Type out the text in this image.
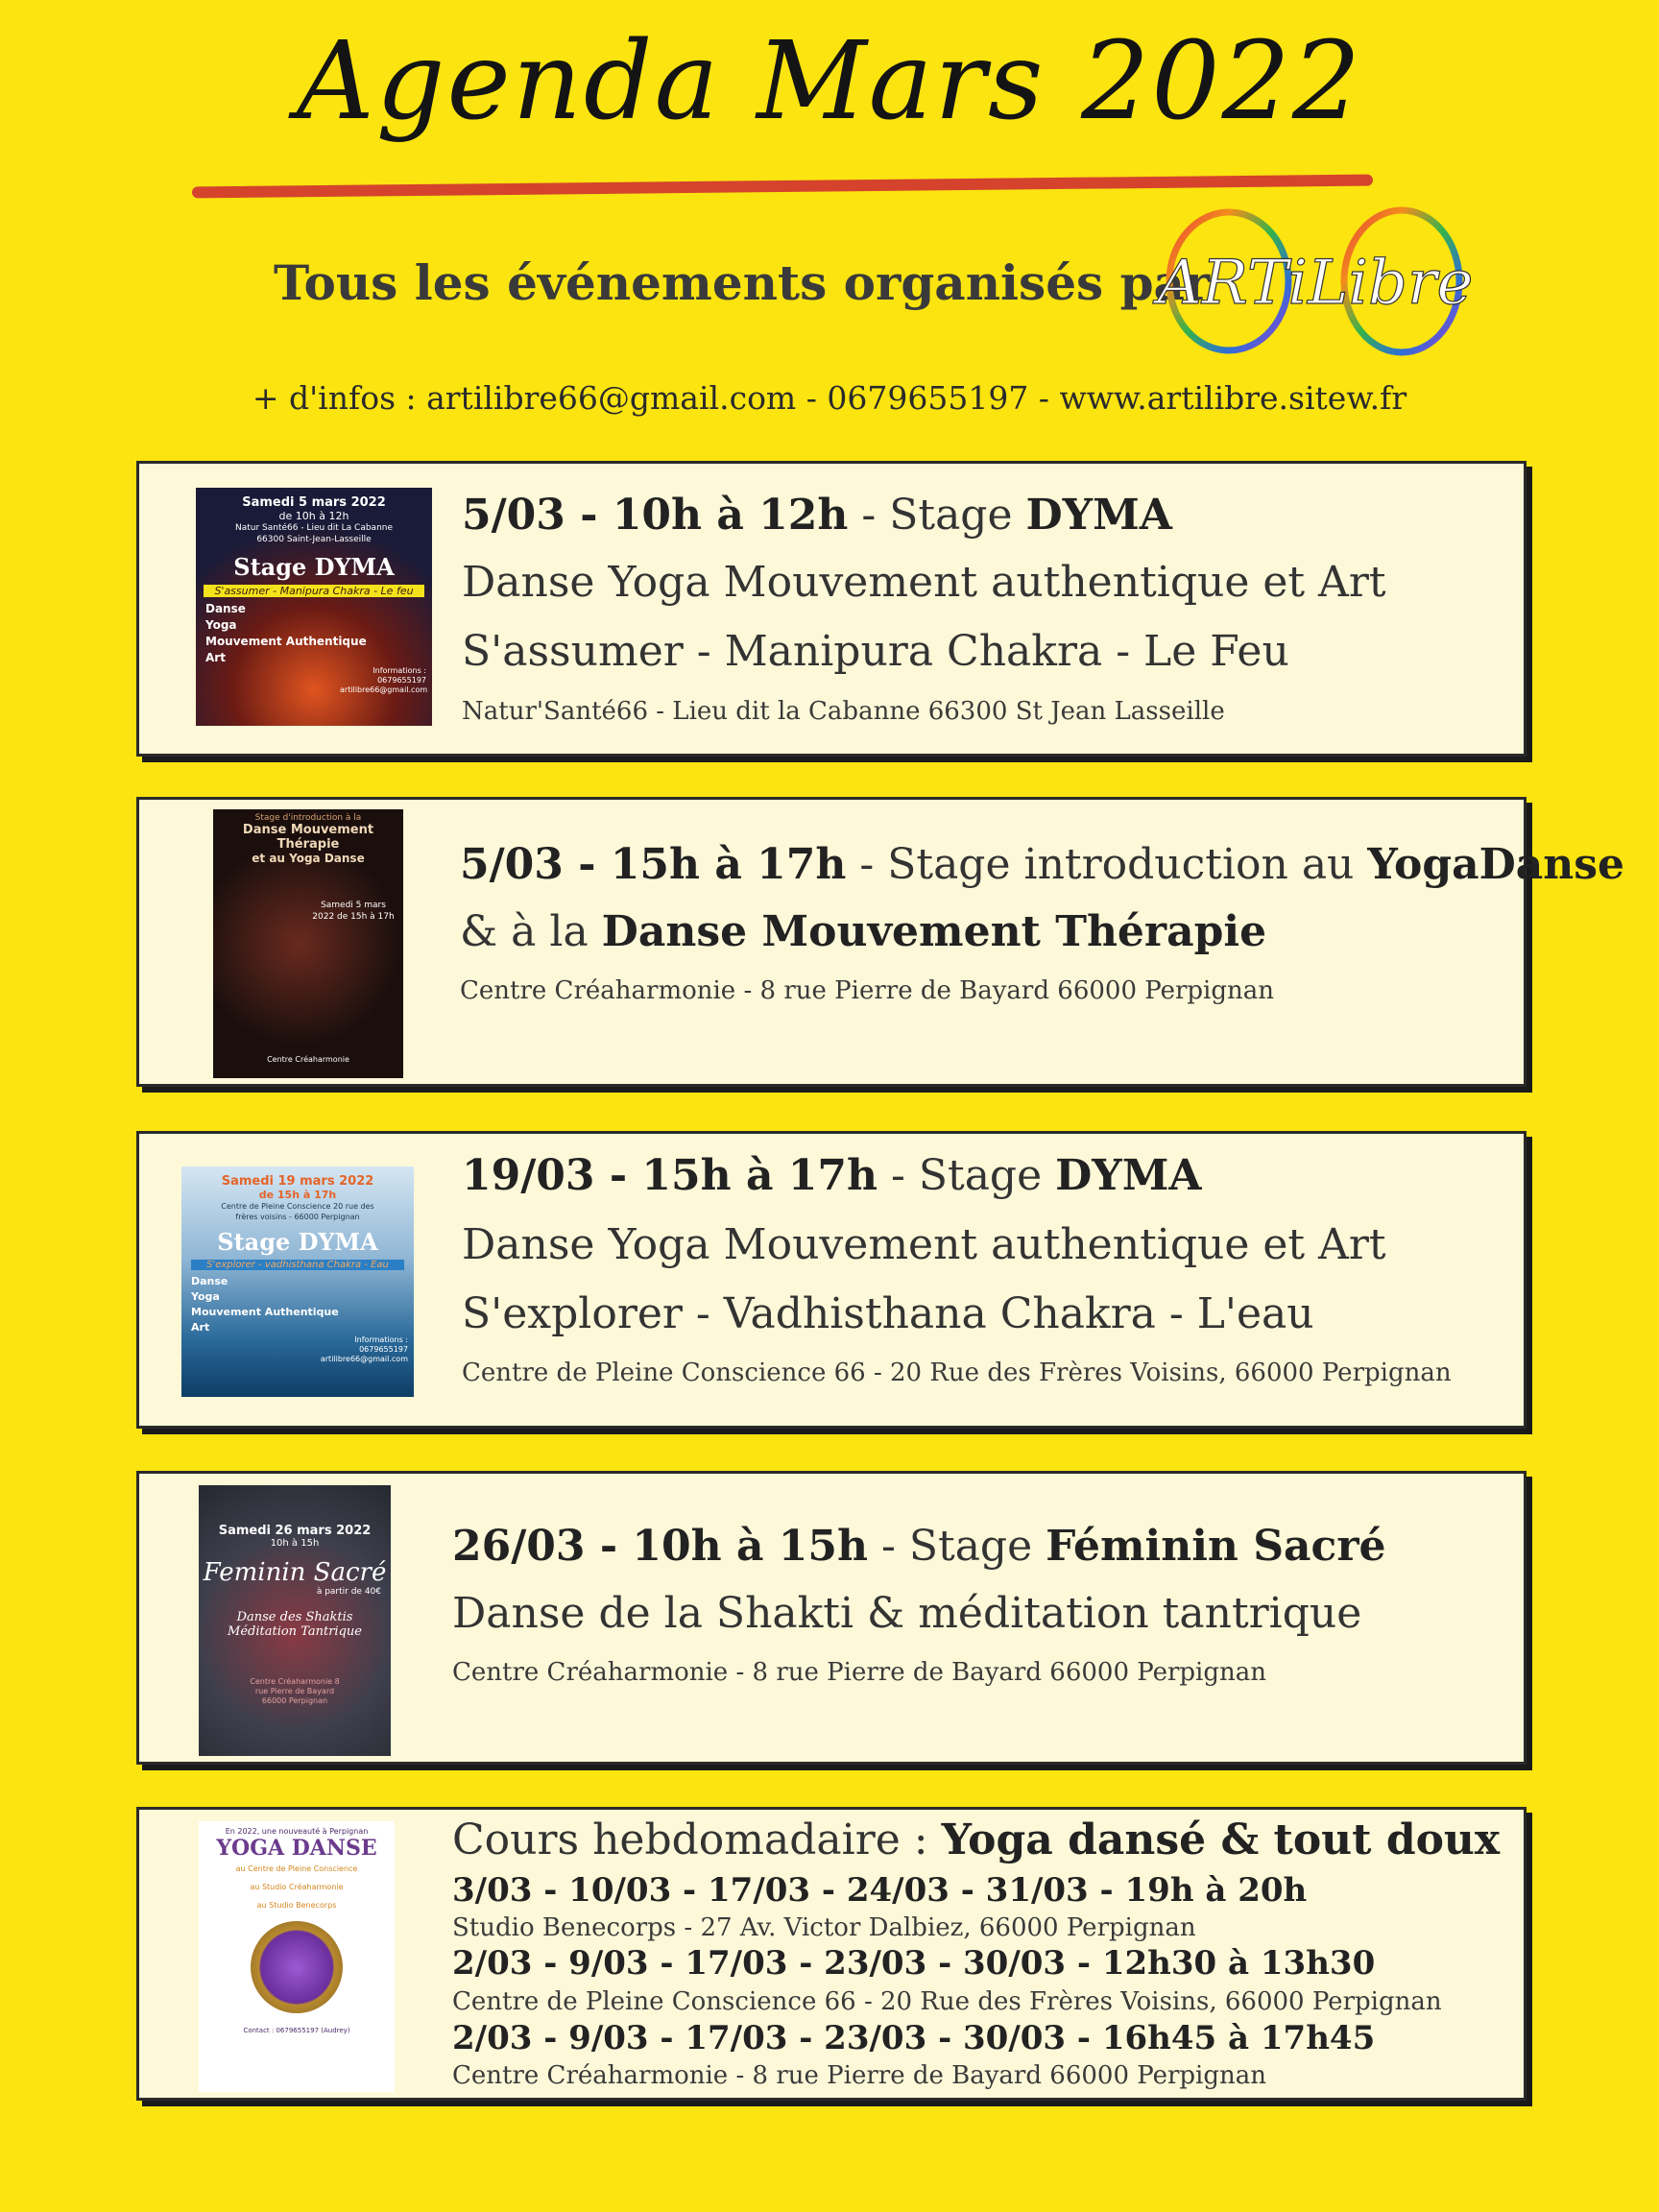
Agenda Mars 2022
Tous les événements organisés par
ARTiLibre
+ d'infos : artilibre66@gmail.com - 0679655197 - www.artilibre.sitew.fr
Samedi 5 mars 2022
de 10h à 12h
Natur Santé66 - Lieu dit La Cabanne 66300 Saint-Jean-Lasseille
Stage DYMA
S'assumer - Manipura Chakra - Le feu
Danse
Yoga
Mouvement Authentique
Art
Informations : 0679655197 artilibre66@gmail.com
5/03 - 10h à 12h - Stage DYMA
Danse Yoga Mouvement authentique et Art
S'assumer - Manipura Chakra - Le Feu
Natur'Santé66 - Lieu dit la Cabanne 66300 St Jean Lasseille
Stage d'introduction à la
Danse Mouvement Thérapie
et au Yoga Danse
Samedi 5 mars 2022 de 15h à 17h
Centre Créaharmonie
5/03 - 15h à 17h - Stage introduction au YogaDanse
& à la Danse Mouvement Thérapie
Centre Créaharmonie - 8 rue Pierre de Bayard 66000 Perpignan
Samedi 19 mars 2022
de 15h à 17h
Centre de Pleine Conscience 20 rue des frères voisins - 66000 Perpignan
Stage DYMA
S'explorer - vadhisthana Chakra - Eau
Danse
Yoga
Mouvement Authentique
Art
Informations : 0679655197 artilibre66@gmail.com
19/03 - 15h à 17h - Stage DYMA
Danse Yoga Mouvement authentique et Art
S'explorer - Vadhisthana Chakra - L'eau
Centre de Pleine Conscience 66 - 20 Rue des Frères Voisins, 66000 Perpignan
Samedi 26 mars 2022
10h à 15h
Feminin Sacré
à partir de 40€
Danse des Shaktis Méditation Tantrique
Centre Créaharmonie 8 rue Pierre de Bayard 66000 Perpignan
26/03 - 10h à 15h - Stage Féminin Sacré
Danse de la Shakti & méditation tantrique
Centre Créaharmonie - 8 rue Pierre de Bayard 66000 Perpignan
En 2022, une nouveauté à Perpignan
YOGA DANSE
au Centre de Pleine Conscience
au Studio Créaharmonie
au Studio Benecorps
Contact : 0679655197 (Audrey)
Cours hebdomadaire : Yoga dansé & tout doux
3/03 - 10/03 - 17/03 - 24/03 - 31/03 - 19h à 20h
Studio Benecorps - 27 Av. Victor Dalbiez, 66000 Perpignan
2/03 - 9/03 - 17/03 - 23/03 - 30/03 - 12h30 à 13h30
Centre de Pleine Conscience 66 - 20 Rue des Frères Voisins, 66000 Perpignan
2/03 - 9/03 - 17/03 - 23/03 - 30/03 - 16h45 à 17h45
Centre Créaharmonie - 8 rue Pierre de Bayard 66000 Perpignan
